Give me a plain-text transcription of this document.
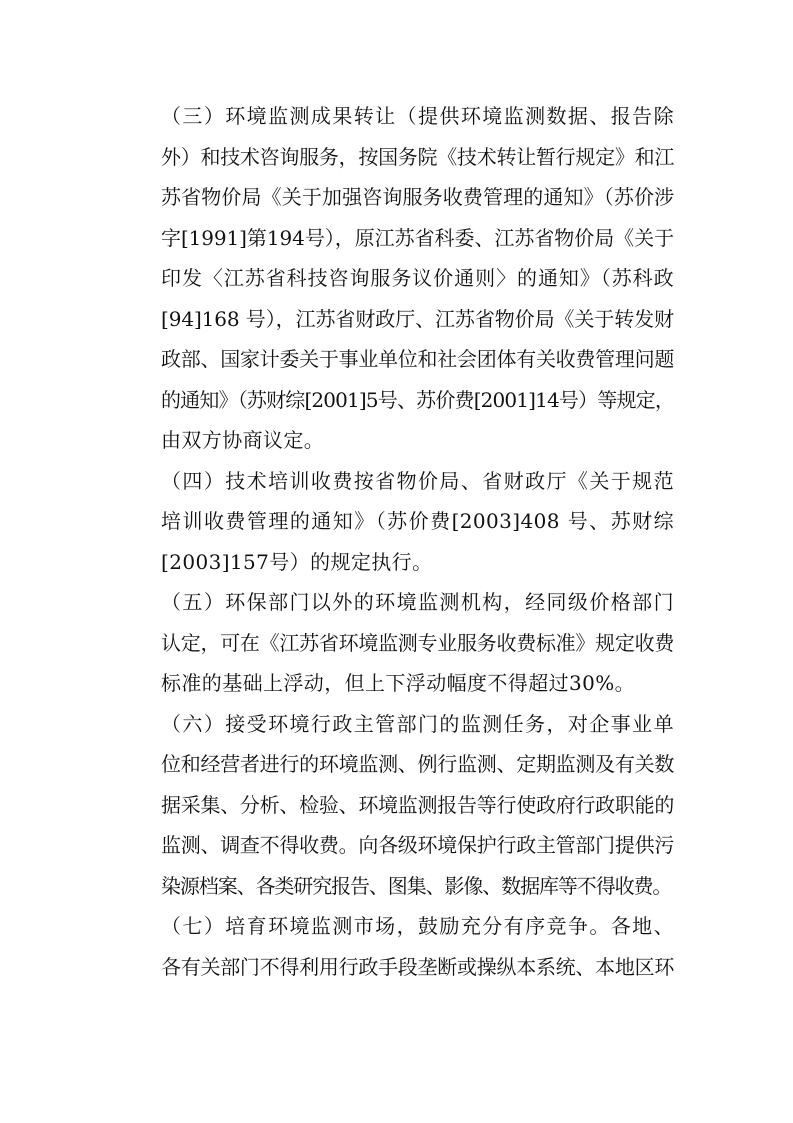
（三）环境监测成果转让（提供环境监测数据、报告除
外）和技术咨询服务，按国务院《技术转让暂行规定》和江
苏省物价局《关于加强咨询服务收费管理的通知》（苏价涉
字[1991]第194号），原江苏省科委、江苏省物价局《关于
印发〈江苏省科技咨询服务议价通则〉的通知》（苏科政
[94]168 号），江苏省财政厅、江苏省物价局《关于转发财
政部、国家计委关于事业单位和社会团体有关收费管理问题
的通知》（苏财综[2001]5号、苏价费[2001]14号）等规定，
由双方协商议定。

（四）技术培训收费按省物价局、省财政厅《关于规范
培训收费管理的通知》（苏价费[2003]408 号、苏财综
[2003]157号）的规定执行。

（五）环保部门以外的环境监测机构，经同级价格部门
认定，可在《江苏省环境监测专业服务收费标准》规定收费
标准的基础上浮动，但上下浮动幅度不得超过30%。

（六）接受环境行政主管部门的监测任务，对企事业单
位和经营者进行的环境监测、例行监测、定期监测及有关数
据采集、分析、检验、环境监测报告等行使政府行政职能的
监测、调查不得收费。向各级环境保护行政主管部门提供污
染源档案、各类研究报告、图集、影像、数据库等不得收费。

（七）培育环境监测市场，鼓励充分有序竞争。各地、
各有关部门不得利用行政手段垄断或操纵本系统、本地区环
